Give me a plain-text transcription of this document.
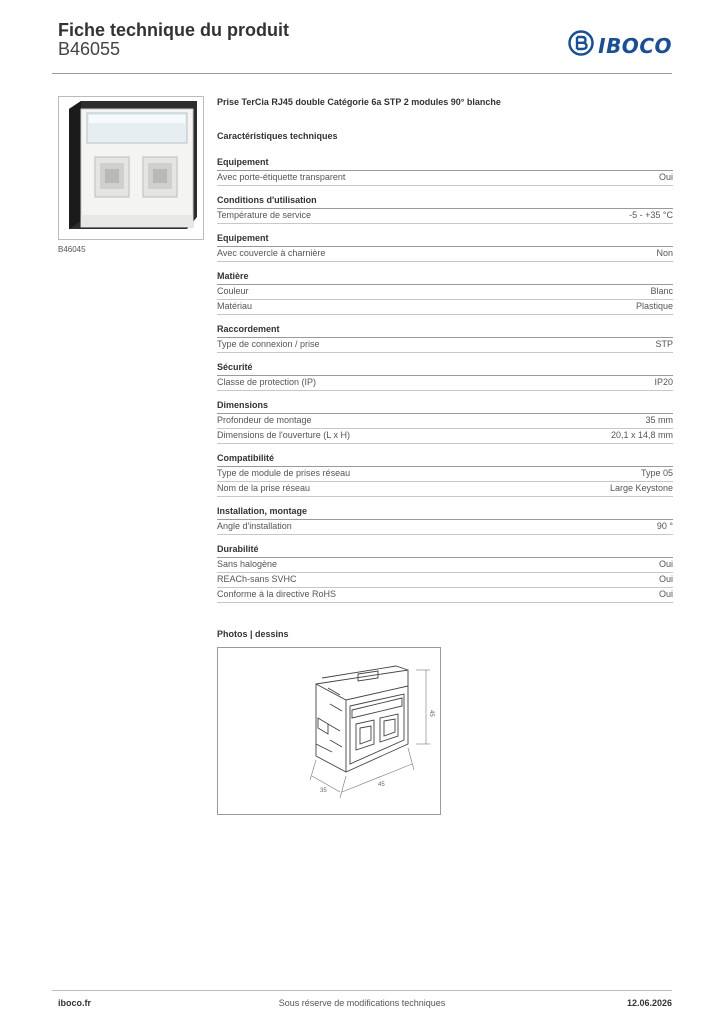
Fiche technique du produit
B46055	IBOCO
B46045
Prise TerCia RJ45 double Catégorie 6a STP 2 modules 90° blanche
Caractéristiques techniques
Equipement
Avec porte-étiquette transparent	Oui
Conditions d'utilisation
Température de service	-5 - +35 °C
Equipement
Avec couvercle à charnière	Non
Matière
Couleur	Blanc
Matériau	Plastique
Raccordement
Type de connexion / prise	STP
Sécurité
Classe de protection (IP)	IP20
Dimensions
Profondeur de montage	35 mm
Dimensions de l'ouverture (L x H)	20,1 x 14,8 mm
Compatibilité
Type de module de prises réseau	Type 05
Nom de la prise réseau	Large Keystone
Installation, montage
Angle d'installation	90 °
Durabilité
Sans halogène	Oui
REACh-sans SVHC	Oui
Conforme à la directive RoHS	Oui
Photos | dessins
45
45
35
iboco.fr	Sous réserve de modifications techniques	12.06.2026
